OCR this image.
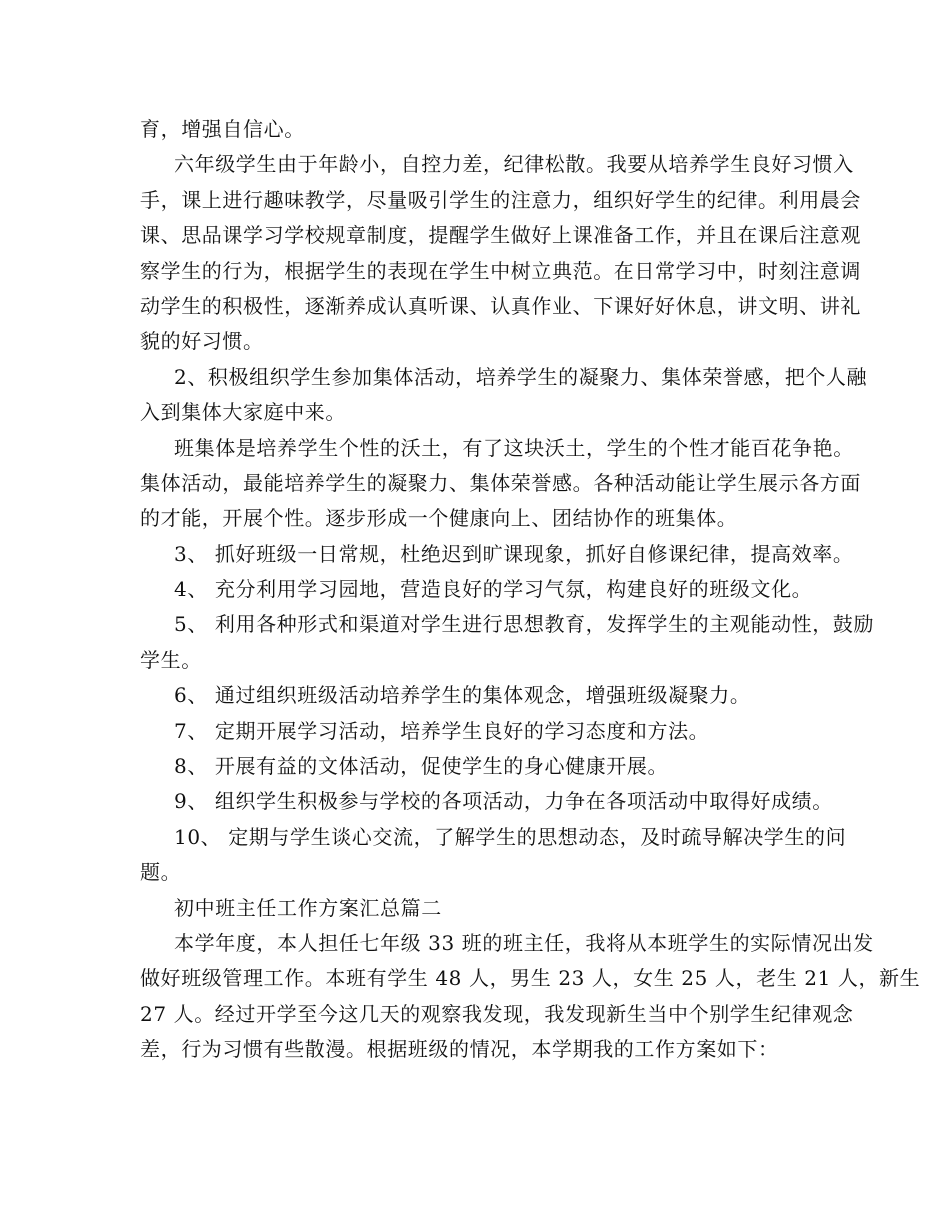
育，增强自信心。
六年级学生由于年龄小，自控力差，纪律松散。我要从培养学生良好习惯入
手，课上进行趣味教学，尽量吸引学生的注意力，组织好学生的纪律。利用晨会
课、思品课学习学校规章制度，提醒学生做好上课准备工作，并且在课后注意观
察学生的行为，根据学生的表现在学生中树立典范。在日常学习中，时刻注意调
动学生的积极性，逐渐养成认真听课、认真作业、下课好好休息，讲文明、讲礼
貌的好习惯。
2、积极组织学生参加集体活动，培养学生的凝聚力、集体荣誉感，把个人融
入到集体大家庭中来。
班集体是培养学生个性的沃土，有了这块沃土，学生的个性才能百花争艳。
集体活动，最能培养学生的凝聚力、集体荣誉感。各种活动能让学生展示各方面
的才能，开展个性。逐步形成一个健康向上、团结协作的班集体。
3、 抓好班级一日常规，杜绝迟到旷课现象，抓好自修课纪律，提高效率。
4、 充分利用学习园地，营造良好的学习气氛，构建良好的班级文化。
5、 利用各种形式和渠道对学生进行思想教育，发挥学生的主观能动性，鼓励
学生。
6、 通过组织班级活动培养学生的集体观念，增强班级凝聚力。
7、 定期开展学习活动，培养学生良好的学习态度和方法。
8、 开展有益的文体活动，促使学生的身心健康开展。
9、 组织学生积极参与学校的各项活动，力争在各项活动中取得好成绩。
10、 定期与学生谈心交流，了解学生的思想动态，及时疏导解决学生的问
题。
初中班主任工作方案汇总篇二
本学年度，本人担任七年级 33 班的班主任，我将从本班学生的实际情况出发
做好班级管理工作。本班有学生 48 人，男生 23 人，女生 25 人，老生 21 人，新生
27 人。经过开学至今这几天的观察我发现，我发现新生当中个别学生纪律观念
差，行为习惯有些散漫。根据班级的情况，本学期我的工作方案如下：
